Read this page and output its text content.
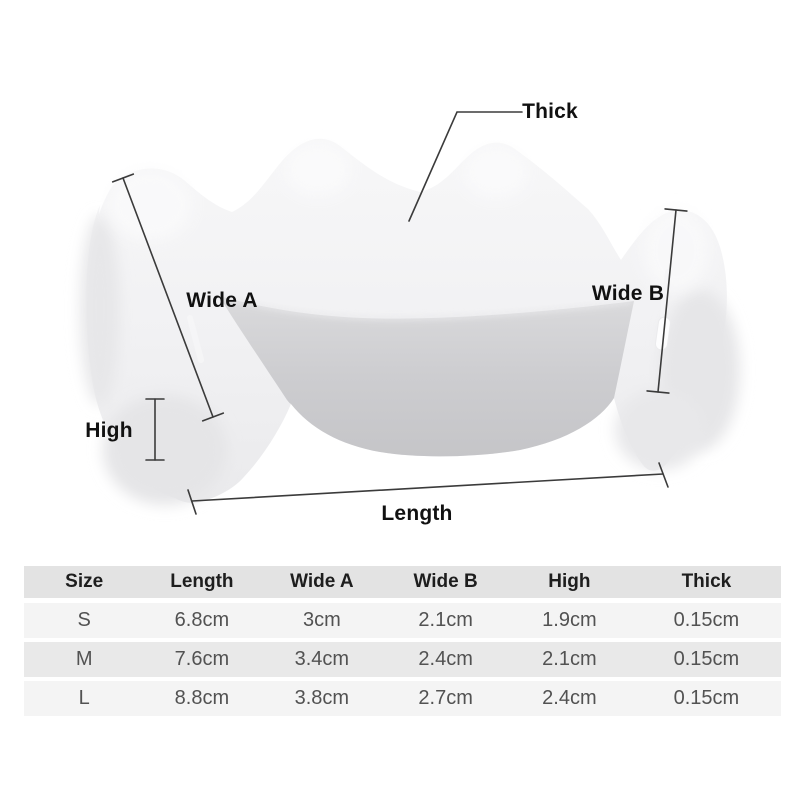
Thick
Wide A	Wide B
High
Length
Size	Length	Wide A	Wide B	High	Thick
S	6.8cm	3cm	2.1cm	1.9cm	0.15cm
M	7.6cm	3.4cm	2.4cm	2.1cm	0.15cm
L	8.8cm	3.8cm	2.7cm	2.4cm	0.15cm
